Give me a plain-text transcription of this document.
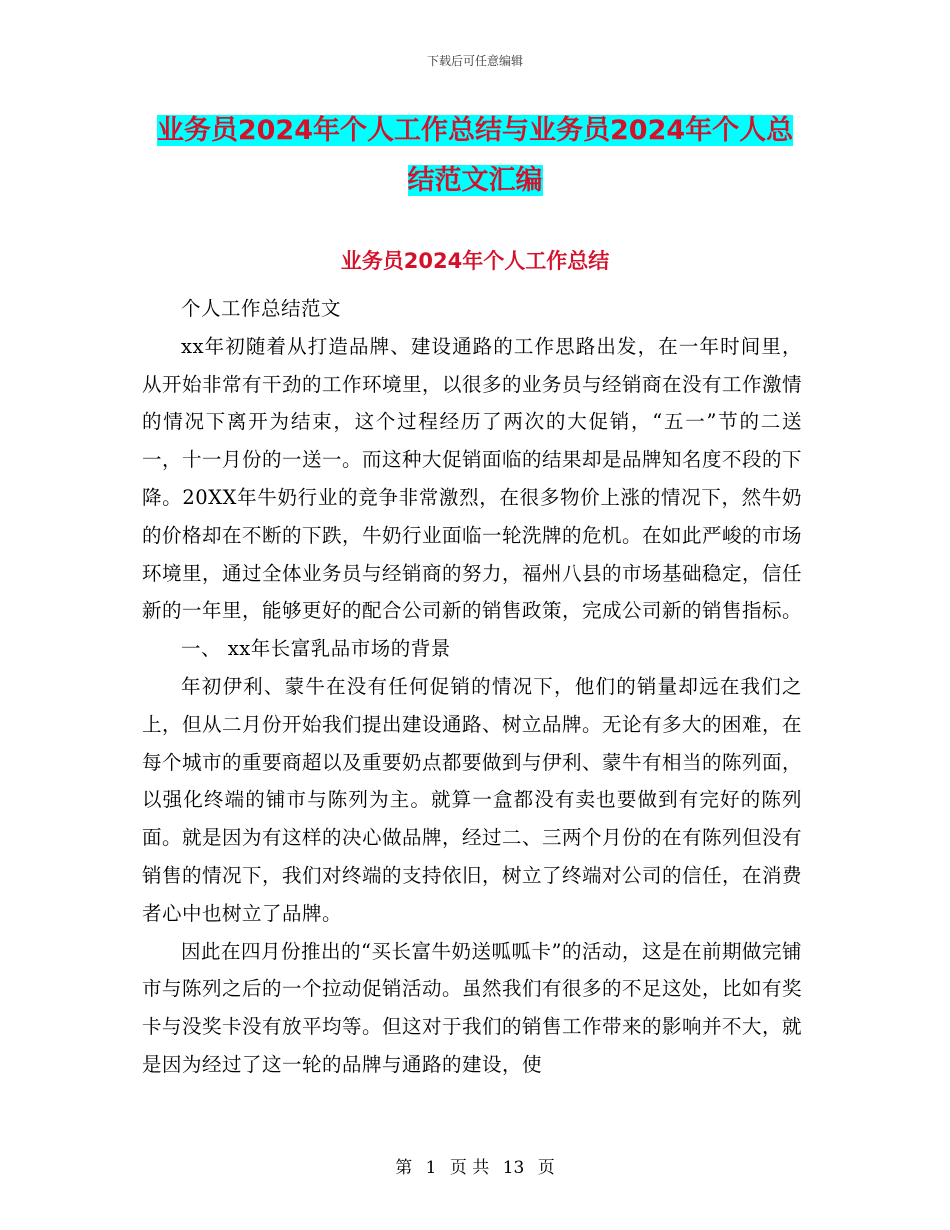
下载后可任意编辑
业务员2024年个人工作总结与业务员2024年个人总
结范文汇编
业务员2024年个人工作总结

个人工作总结范文

xx年初随着从打造品牌、建设通路的工作思路出发，在一年时间里，从开始非常有干劲的工作环境里，以很多的业务员与经销商在没有工作激情的情况下离开为结束，这个过程经历了两次的大促销，“五一”节的二送一，十一月份的一送一。而这种大促销面临的结果却是品牌知名度不段的下降。20XX年牛奶行业的竞争非常激烈，在很多物价上涨的情况下，然牛奶的价格却在不断的下跌，牛奶行业面临一轮洗牌的危机。在如此严峻的市场环境里，通过全体业务员与经销商的努力，福州八县的市场基础稳定，信任新的一年里，能够更好的配合公司新的销售政策，完成公司新的销售指标。

一、 xx年长富乳品市场的背景

年初伊利、蒙牛在没有任何促销的情况下，他们的销量却远在我们之上，但从二月份开始我们提出建设通路、树立品牌。无论有多大的困难，在每个城市的重要商超以及重要奶点都要做到与伊利、蒙牛有相当的陈列面，以强化终端的铺市与陈列为主。就算一盒都没有卖也要做到有完好的陈列面。就是因为有这样的决心做品牌，经过二、三两个月份的在有陈列但没有销售的情况下，我们对终端的支持依旧，树立了终端对公司的信任，在消费者心中也树立了品牌。

因此在四月份推出的“买长富牛奶送呱呱卡”的活动，这是在前期做完铺市与陈列之后的一个拉动促销活动。虽然我们有很多的不足这处，比如有奖卡与没奖卡没有放平均等。但这对于我们的销售工作带来的影响并不大，就是因为经过了这一轮的品牌与通路的建设，使

第 1 页 共 13 页
